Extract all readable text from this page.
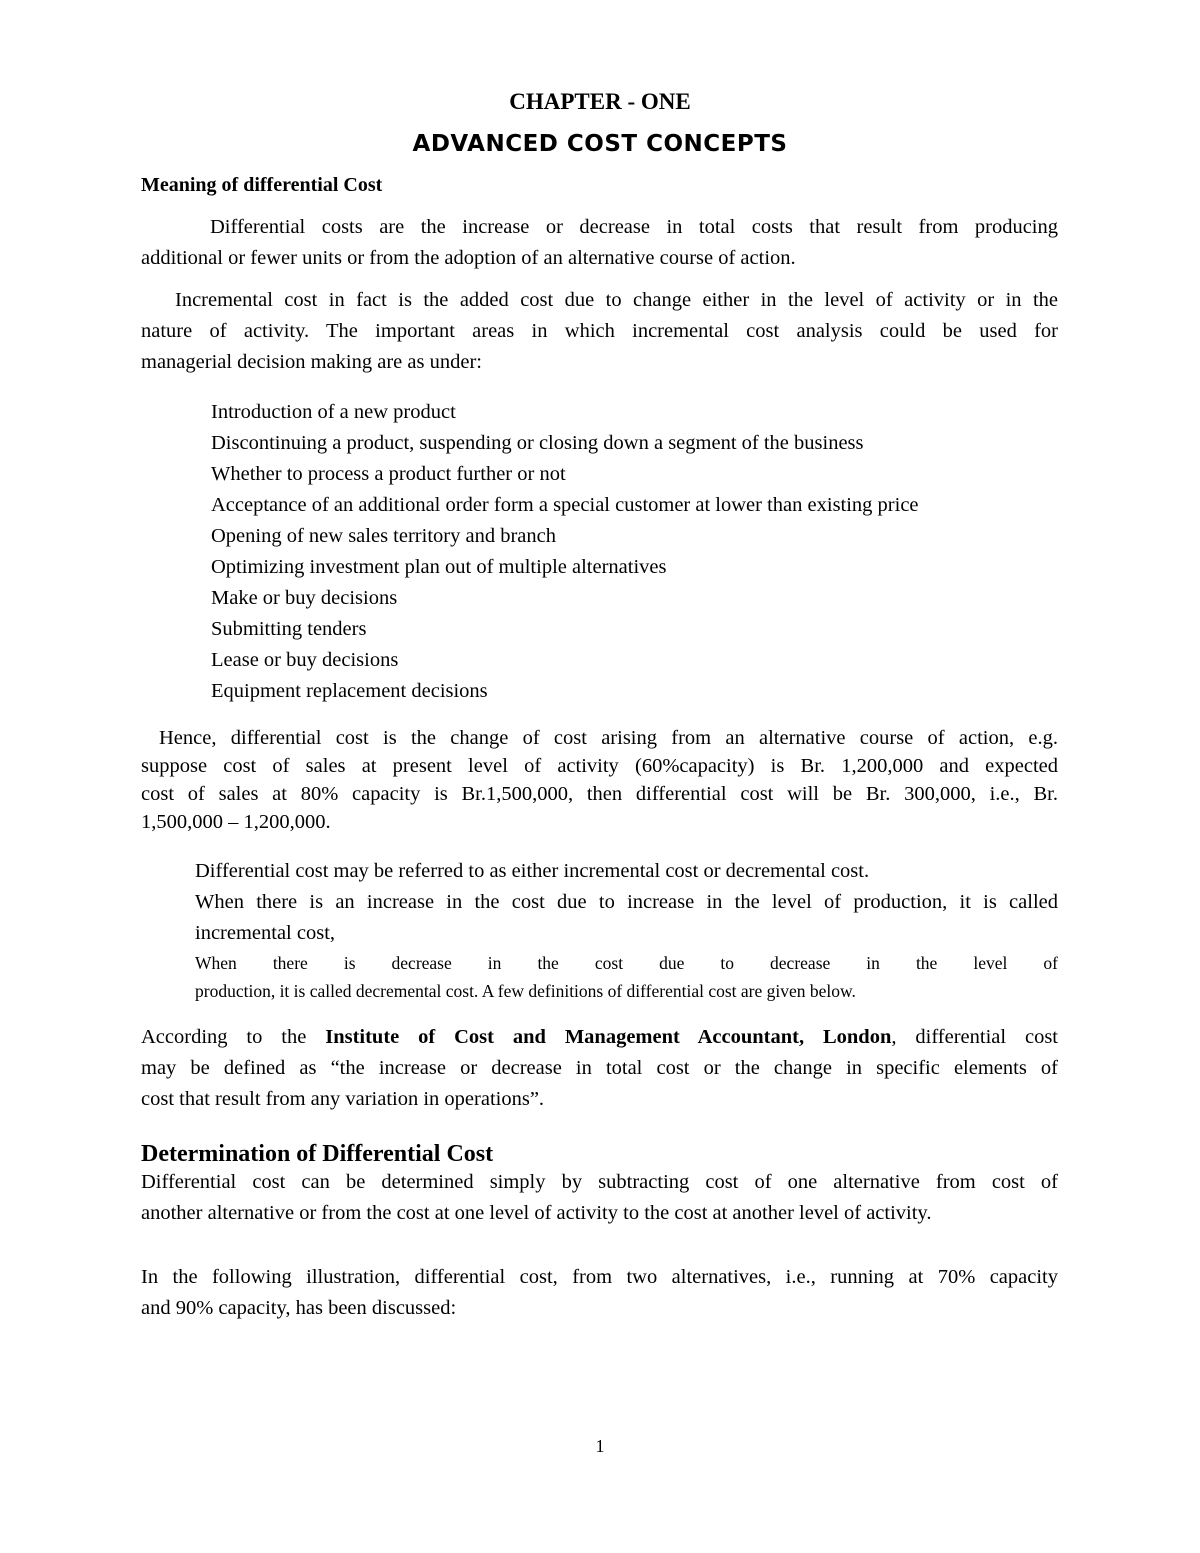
CHAPTER - ONE
ADVANCED COST CONCEPTS
Meaning of differential Cost

Differential costs are the increase or decrease in total costs that result from producing
additional or fewer units or from the adoption of an alternative course of action.

Incremental cost in fact is the added cost due to change either in the level of activity or in the
nature of activity. The important areas in which incremental cost analysis could be used for
managerial decision making are as under:

Introduction of a new product
Discontinuing a product, suspending or closing down a segment of the business
Whether to process a product further or not
Acceptance of an additional order form a special customer at lower than existing price
Opening of new sales territory and branch
Optimizing investment plan out of multiple alternatives
Make or buy decisions
Submitting tenders
Lease or buy decisions
Equipment replacement decisions

Hence, differential cost is the change of cost arising from an alternative course of action, e.g.
suppose cost of sales at present level of activity (60%capacity) is Br. 1,200,000 and expected
cost of sales at 80% capacity is Br.1,500,000, then differential cost will be Br. 300,000, i.e., Br.
1,500,000 – 1,200,000.

Differential cost may be referred to as either incremental cost or decremental cost.
When there is an increase in the cost due to increase in the level of production, it is called
incremental cost,
When there is decrease in the cost due to decrease in the level of
production, it is called decremental cost. A few definitions of differential cost are given below.

According to the Institute of Cost and Management Accountant, London, differential cost
may be defined as “the increase or decrease in total cost or the change in specific elements of
cost that result from any variation in operations”.

Determination of Differential Cost

Differential cost can be determined simply by subtracting cost of one alternative from cost of
another alternative or from the cost at one level of activity to the cost at another level of activity.

In the following illustration, differential cost, from two alternatives, i.e., running at 70% capacity
and 90% capacity, has been discussed:

1
